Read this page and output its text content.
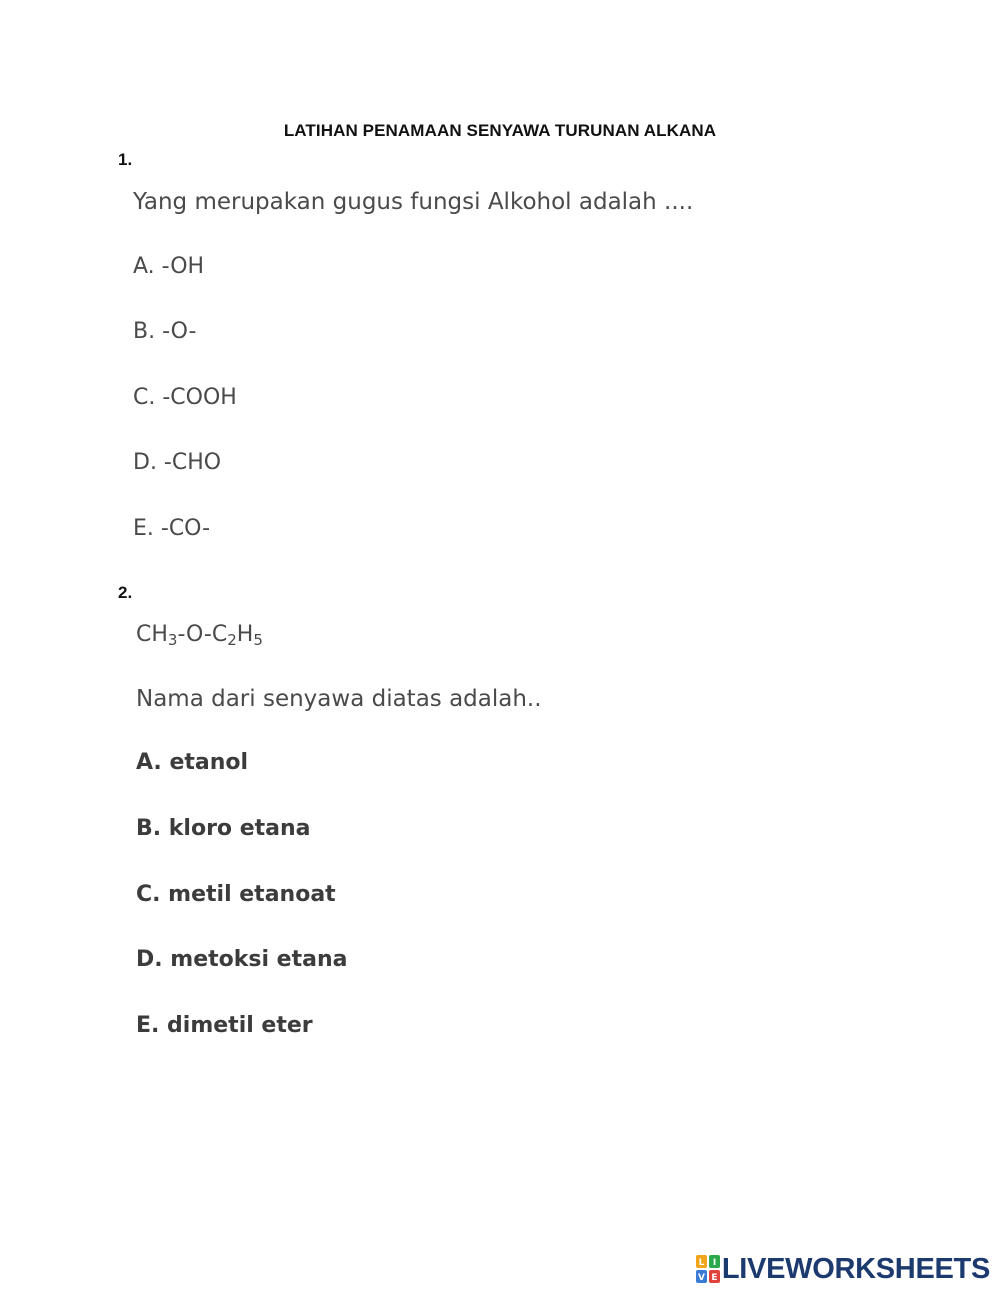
LATIHAN PENAMAAN SENYAWA TURUNAN ALKANA
1.
Yang merupakan gugus fungsi Alkohol adalah ....
A. -OH
B. -O-
C. -COOH
D. -CHO
E. -CO-
2.
$CH_3-O-C_2H_5$
Nama dari senyawa diatas adalah..
A. etanol
B. kloro etana
C. metil etanoat
D. metoksi etana
E. dimetil eter
L I
V E LIVEWORKSHEETS
